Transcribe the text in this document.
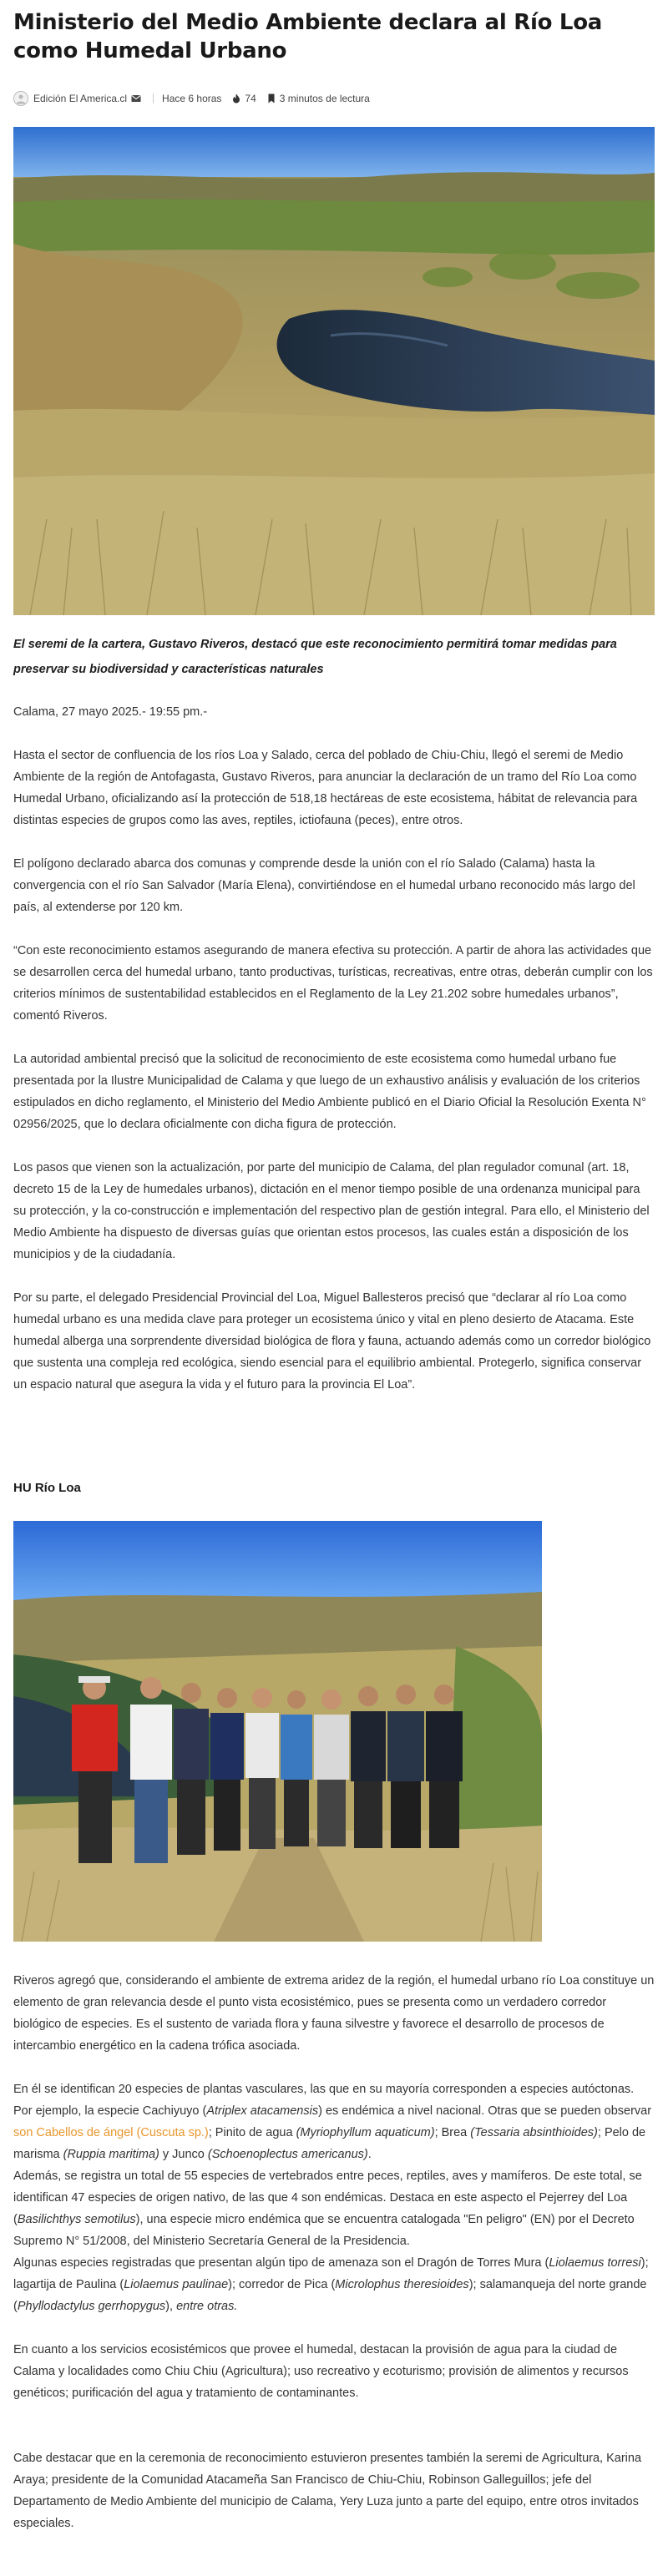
Ministerio del Medio Ambiente declara al Río Loa como Humedal Urbano
Edición El America.cl	Hace 6 horas 74 3 minutos de lectura

El seremi de la cartera, Gustavo Riveros, destacó que este reconocimiento permitirá tomar medidas para preservar su biodiversidad y características naturales

Calama, 27 mayo 2025.- 19:55 pm.-

Hasta el sector de confluencia de los ríos Loa y Salado, cerca del poblado de Chiu-Chiu, llegó el seremi de Medio Ambiente de la región de Antofagasta, Gustavo Riveros, para anunciar la declaración de un tramo del Río Loa como Humedal Urbano, oficializando así la protección de 518,18 hectáreas de este ecosistema, hábitat de relevancia para distintas especies de grupos como las aves, reptiles, ictiofauna (peces), entre otros.

El polígono declarado abarca dos comunas y comprende desde la unión con el río Salado (Calama) hasta la convergencia con el río San Salvador (María Elena), convirtiéndose en el humedal urbano reconocido más largo del país, al extenderse por 120 km.

“Con este reconocimiento estamos asegurando de manera efectiva su protección. A partir de ahora las actividades que se desarrollen cerca del humedal urbano, tanto productivas, turísticas, recreativas, entre otras, deberán cumplir con los criterios mínimos de sustentabilidad establecidos en el Reglamento de la Ley 21.202 sobre humedales urbanos”, comentó Riveros.

La autoridad ambiental precisó que la solicitud de reconocimiento de este ecosistema como humedal urbano fue presentada por la Ilustre Municipalidad de Calama y que luego de un exhaustivo análisis y evaluación de los criterios estipulados en dicho reglamento, el Ministerio del Medio Ambiente publicó en el Diario Oficial la Resolución Exenta N° 02956/2025, que lo declara oficialmente con dicha figura de protección.

Los pasos que vienen son la actualización, por parte del municipio de Calama, del plan regulador comunal (art. 18, decreto 15 de la Ley de humedales urbanos), dictación en el menor tiempo posible de una ordenanza municipal para su protección, y la co-construcción e implementación del respectivo plan de gestión integral. Para ello, el Ministerio del Medio Ambiente ha dispuesto de diversas guías que orientan estos procesos, las cuales están a disposición de los municipios y de la ciudadanía.

Por su parte, el delegado Presidencial Provincial del Loa, Miguel Ballesteros precisó que “declarar al río Loa como humedal urbano es una medida clave para proteger un ecosistema único y vital en pleno desierto de Atacama. Este humedal alberga una sorprendente diversidad biológica de flora y fauna, actuando además como un corredor biológico que sustenta una compleja red ecológica, siendo esencial para el equilibrio ambiental. Protegerlo, significa conservar un espacio natural que asegura la vida y el futuro para la provincia El Loa”.

HU Río Loa

Riveros agregó que, considerando el ambiente de extrema aridez de la región, el humedal urbano río Loa constituye un elemento de gran relevancia desde el punto vista ecosistémico, pues se presenta como un verdadero corredor biológico de especies. Es el sustento de variada flora y fauna silvestre y favorece el desarrollo de procesos de intercambio energético en la cadena trófica asociada.

En él se identifican 20 especies de plantas vasculares, las que en su mayoría corresponden a especies autóctonas. Por ejemplo, la especie Cachiyuyo (Atriplex atacamensis) es endémica a nivel nacional. Otras que se pueden observar son Cabellos de ángel (Cuscuta sp.); Pinito de agua (Myriophyllum aquaticum); Brea (Tessaria absinthioides); Pelo de marisma (Ruppia maritima) y Junco (Schoenoplectus americanus).

Además, se registra un total de 55 especies de vertebrados entre peces, reptiles, aves y mamíferos. De este total, se identifican 47 especies de origen nativo, de las que 4 son endémicas. Destaca en este aspecto el Pejerrey del Loa (Basilichthys semotilus), una especie micro endémica que se encuentra catalogada "En peligro" (EN) por el Decreto Supremo N° 51/2008, del Ministerio Secretaría General de la Presidencia.

Algunas especies registradas que presentan algún tipo de amenaza son el Dragón de Torres Mura (Liolaemus torresi); lagartija de Paulina (Liolaemus paulinae); corredor de Pica (Microlophus theresioides); salamanqueja del norte grande (Phyllodactylus gerrhopygus), entre otras.

En cuanto a los servicios ecosistémicos que provee el humedal, destacan la provisión de agua para la ciudad de Calama y localidades como Chiu Chiu (Agricultura); uso recreativo y ecoturismo; provisión de alimentos y recursos genéticos; purificación del agua y tratamiento de contaminantes.

Cabe destacar que en la ceremonia de reconocimiento estuvieron presentes también la seremi de Agricultura, Karina Araya; presidente de la Comunidad Atacameña San Francisco de Chiu-Chiu, Robinson Galleguillos; jefe del Departamento de Medio Ambiente del municipio de Calama, Yery Luza junto a parte del equipo, entre otros invitados especiales.
